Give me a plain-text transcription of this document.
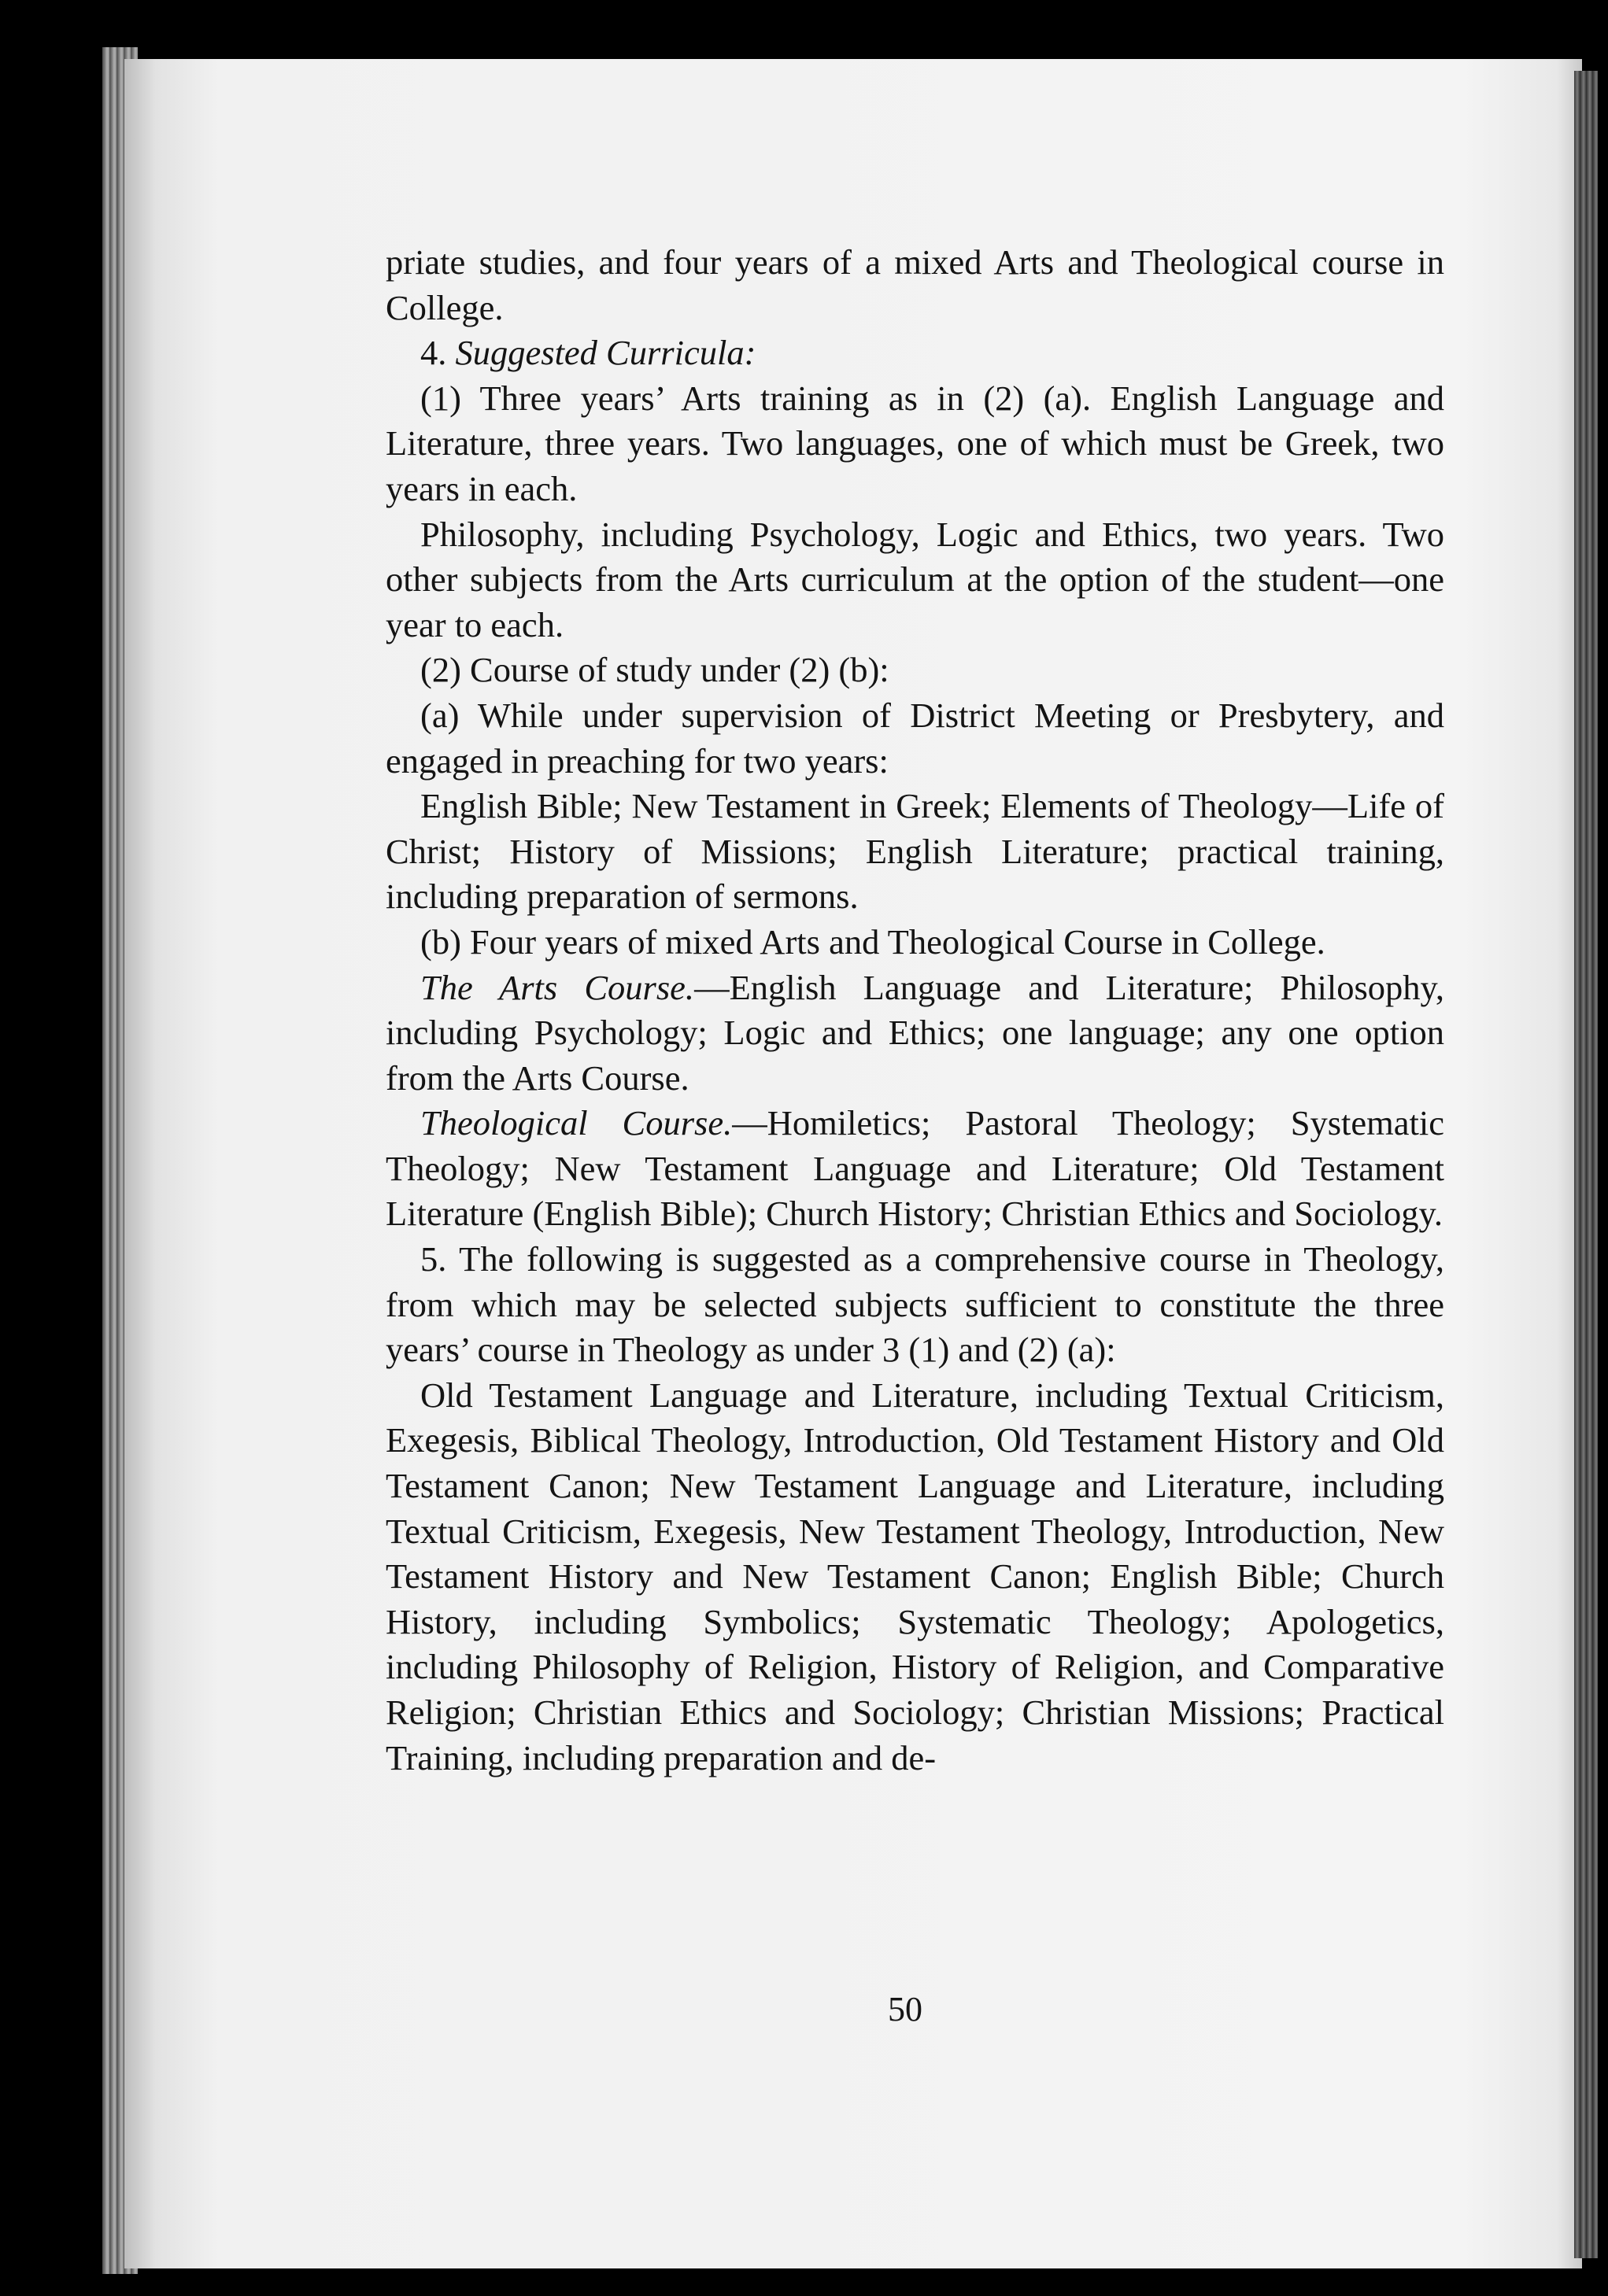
priate studies, and four years of a mixed Arts and Theological course in College.

4. Suggested Curricula:

(1) Three years’ Arts training as in (2) (a). English Language and Literature, three years. Two languages, one of which must be Greek, two years in each.

Philosophy, including Psychology, Logic and Ethics, two years. Two other subjects from the Arts curriculum at the option of the student—one year to each.

(2) Course of study under (2) (b):

(a) While under supervision of District Meeting or Presbytery, and engaged in preaching for two years:

English Bible; New Testament in Greek; Elements of Theology—Life of Christ; History of Missions; English Literature; practical training, including preparation of sermons.

(b) Four years of mixed Arts and Theological Course in College.

The Arts Course.—English Language and Literature; Philosophy, including Psychology; Logic and Ethics; one language; any one option from the Arts Course.

Theological Course.—Homiletics; Pastoral Theology; Systematic Theology; New Testament Language and Literature; Old Testament Literature (English Bible); Church History; Christian Ethics and Sociology.

5. The following is suggested as a comprehensive course in Theology, from which may be selected subjects sufficient to constitute the three years’ course in Theology as under 3 (1) and (2) (a):

Old Testament Language and Literature, including Textual Criticism, Exegesis, Biblical Theology, Introduction, Old Testament History and Old Testament Canon; New Testament Language and Literature, including Textual Criticism, Exegesis, New Testament Theology, Introduction, New Testament History and New Testament Canon; English Bible; Church History, including Symbolics; Systematic Theology; Apologetics, including Philosophy of Religion, History of Religion, and Comparative Religion; Christian Ethics and Sociology; Christian Missions; Practical Training, including preparation and de-

50
